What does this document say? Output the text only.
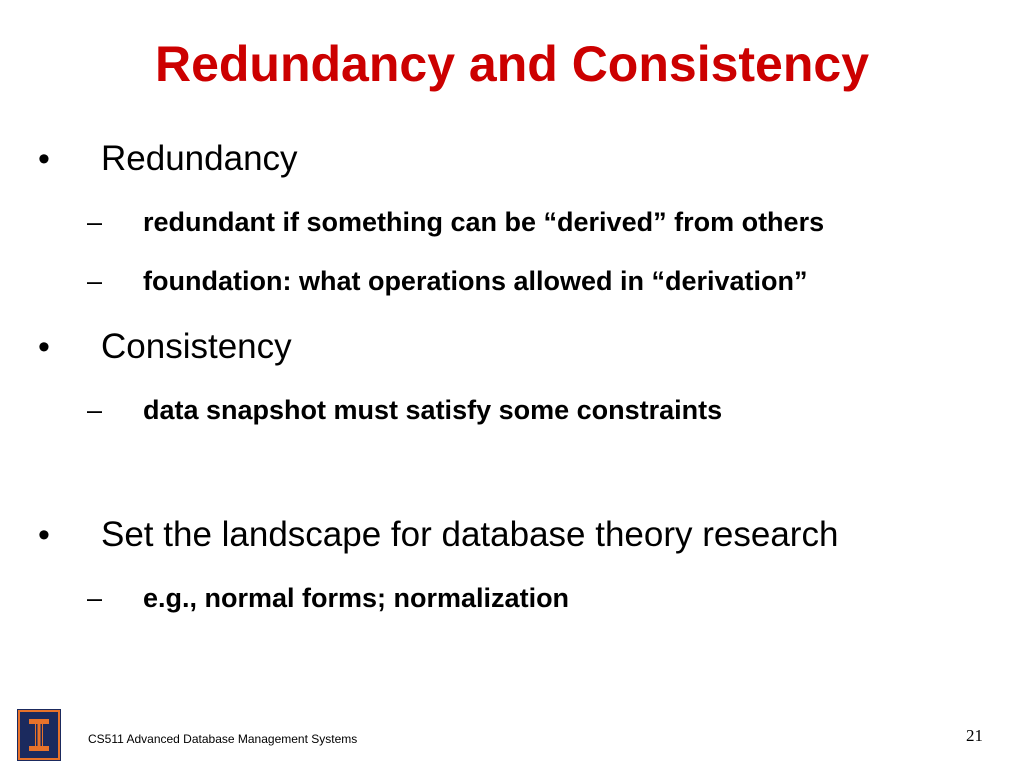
Redundancy and Consistency
• Redundancy
– redundant if something can be “derived” from others
– foundation: what operations allowed in “derivation”
• Consistency
– data snapshot must satisfy some constraints
• Set the landscape for database theory research
– e.g., normal forms; normalization
CS511 Advanced Database Management Systems	21
